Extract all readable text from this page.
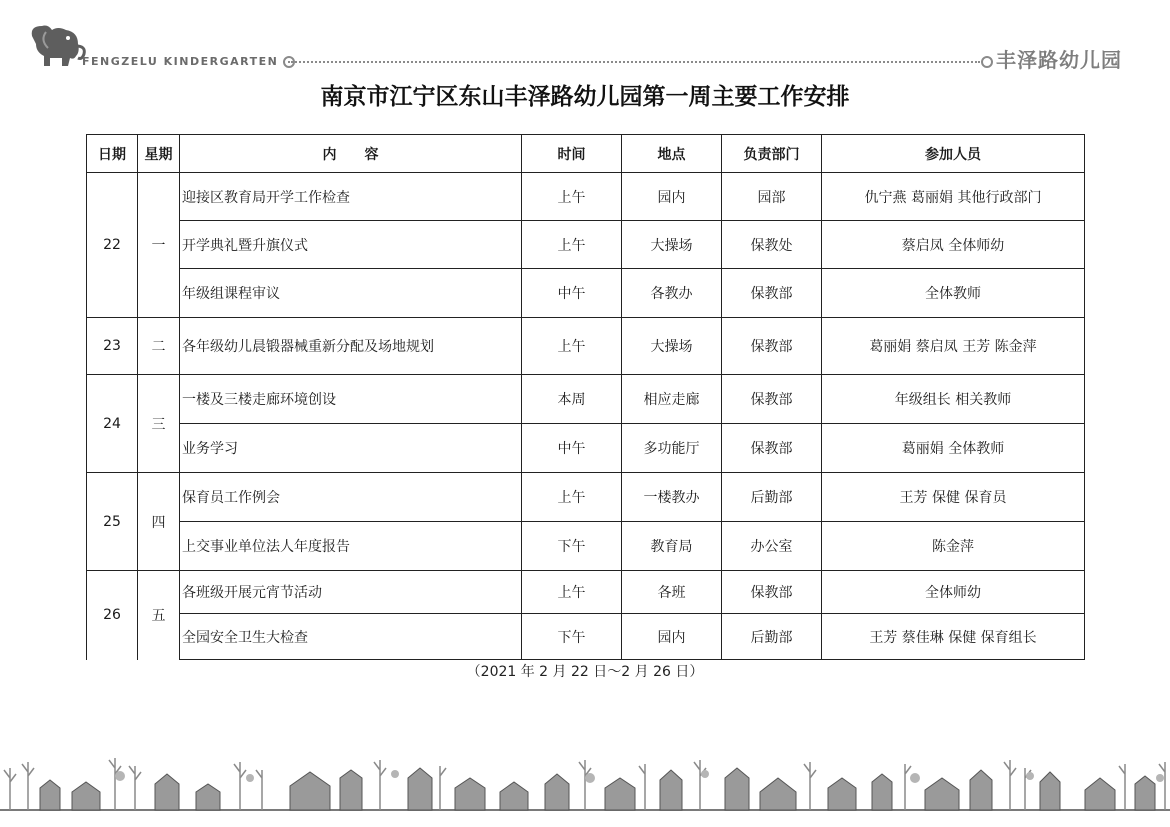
FENGZELU KINDERGARTEN	丰泽路幼儿园
南京市江宁区东山丰泽路幼儿园第一周主要工作安排
日期	星期	内　　容	时间	地点	负责部门	参加人员
22	一	迎接区教育局开学工作检查	上午	园内	园部	仇宁燕 葛丽娟 其他行政部门
		开学典礼暨升旗仪式	上午	大操场	保教处	蔡启凤 全体师幼
		年级组课程审议	中午	各教办	保教部	全体教师
23	二	各年级幼儿晨锻器械重新分配及场地规划	上午	大操场	保教部	葛丽娟 蔡启凤 王芳 陈金萍
24	三	一楼及三楼走廊环境创设	本周	相应走廊	保教部	年级组长 相关教师
		业务学习	中午	多功能厅	保教部	葛丽娟 全体教师
25	四	保育员工作例会	上午	一楼教办	后勤部	王芳 保健 保育员
		上交事业单位法人年度报告	下午	教育局	办公室	陈金萍
26	五	各班级开展元宵节活动	上午	各班	保教部	全体师幼
		全园安全卫生大检查	下午	园内	后勤部	王芳 蔡佳琳 保健 保育组长
（2021 年 2 月 22 日～2 月 26 日）
